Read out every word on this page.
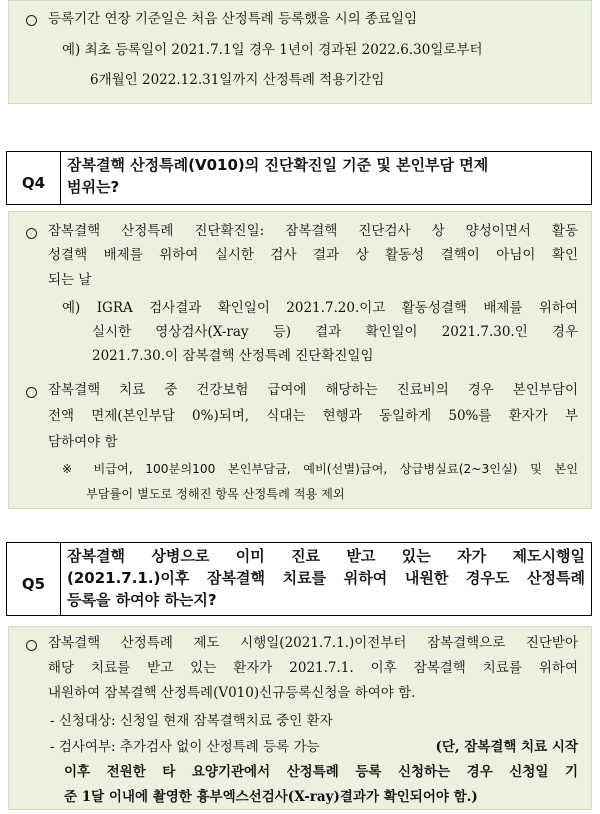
등록기간 연장 기준일은 처음 산정특례 등록했을 시의 종료일임
예) 최초 등록일이 2021.7.1일 경우 1년이 경과된 2022.6.30일로부터
6개월인 2022.12.31일까지 산정특례 적용기간임
Q4
잠복결핵 산정특례(V010)의 진단확진일 기준 및 본인부담 면제
범위는?
잠복결핵 산정특례 진단확진일: 잠복결핵 진단검사 상 양성이면서 활동
성결핵 배제를 위하여 실시한 검사 결과 상 활동성 결핵이 아님이 확인
되는 날
예) IGRA 검사결과 확인일이 2021.7.20.이고 활동성결핵 배제를 위하여
실시한 영상검사(X-ray 등) 결과 확인일이 2021.7.30.인 경우
2021.7.30.이 잠복결핵 산정특례 진단확진일임
잠복결핵 치료 중 건강보험 급여에 해당하는 진료비의 경우 본인부담이
전액 면제(본인부담 0%)되며, 식대는 현행과 동일하게 50%를 환자가 부
담하여야 함
※ 비급여, 100분의100 본인부담금, 예비(선별)급여, 상급병실료(2~3인실) 및 본인
부담률이 별도로 정해진 항목 산정특례 적용 제외
Q5
잠복결핵 상병으로 이미 진료 받고 있는 자가 제도시행일
(2021.7.1.)이후 잠복결핵 치료를 위하여 내원한 경우도 산정특례
등록을 하여야 하는지?
잠복결핵 산정특례 제도 시행일(2021.7.1.)이전부터 잠복결핵으로 진단받아
해당 치료를 받고 있는 환자가 2021.7.1. 이후 잠복결핵 치료를 위하여
내원하여 잠복결핵 산정특례(V010)신규등록신청을 하여야 함.
- 신청대상: 신청일 현재 잠복결핵치료 중인 환자
- 검사여부: 추가검사 없이 산정특례 등록 가능	(단, 잠복결핵 치료 시작
이후 전원한 타 요양기관에서 산정특례 등록 신청하는 경우 신청일 기
준 1달 이내에 촬영한 흉부엑스선검사(X-ray)결과가 확인되어야 함.)
